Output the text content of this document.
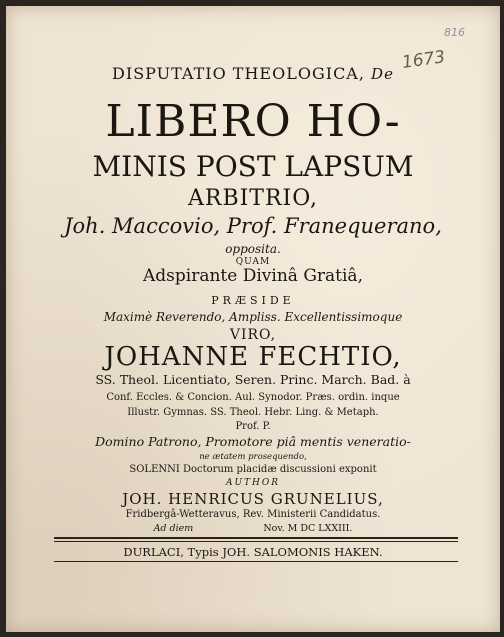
816
1673
DISPUTATIO THEOLOGICA, De
LIBERO HO-
MINIS POST LAPSUM
ARBITRIO,
Joh. Maccovio, Prof. Franequerano,
opposita.
QUAM
Adspirante Divinâ Gratiâ,
PRÆSIDE
Maximè Reverendo, Ampliss. Excellentissimoque
VIRO,
JOHANNE FECHTIO,
SS. Theol. Licentiato, Seren. Princ. March. Bad. à
Conf. Eccles. & Concion. Aul. Synodor. Præs. ordin. inque
Illustr. Gymnas. SS. Theol. Hebr. Ling. & Metaph.
Prof. P.
Domino Patrono, Promotore piâ mentis veneratio-
ne ætatem prosequendo,
SOLENNI Doctorum placidæ discussioni exponit
AUTHOR
JOH. HENRICUS GRUNELIUS,
Fridbergâ-Wetteravus, Rev. Ministerii Candidatus.
Ad diem	Nov. M DC LXXIII.
DURLACI, Typis JOH. SALOMONIS HAKEN.
